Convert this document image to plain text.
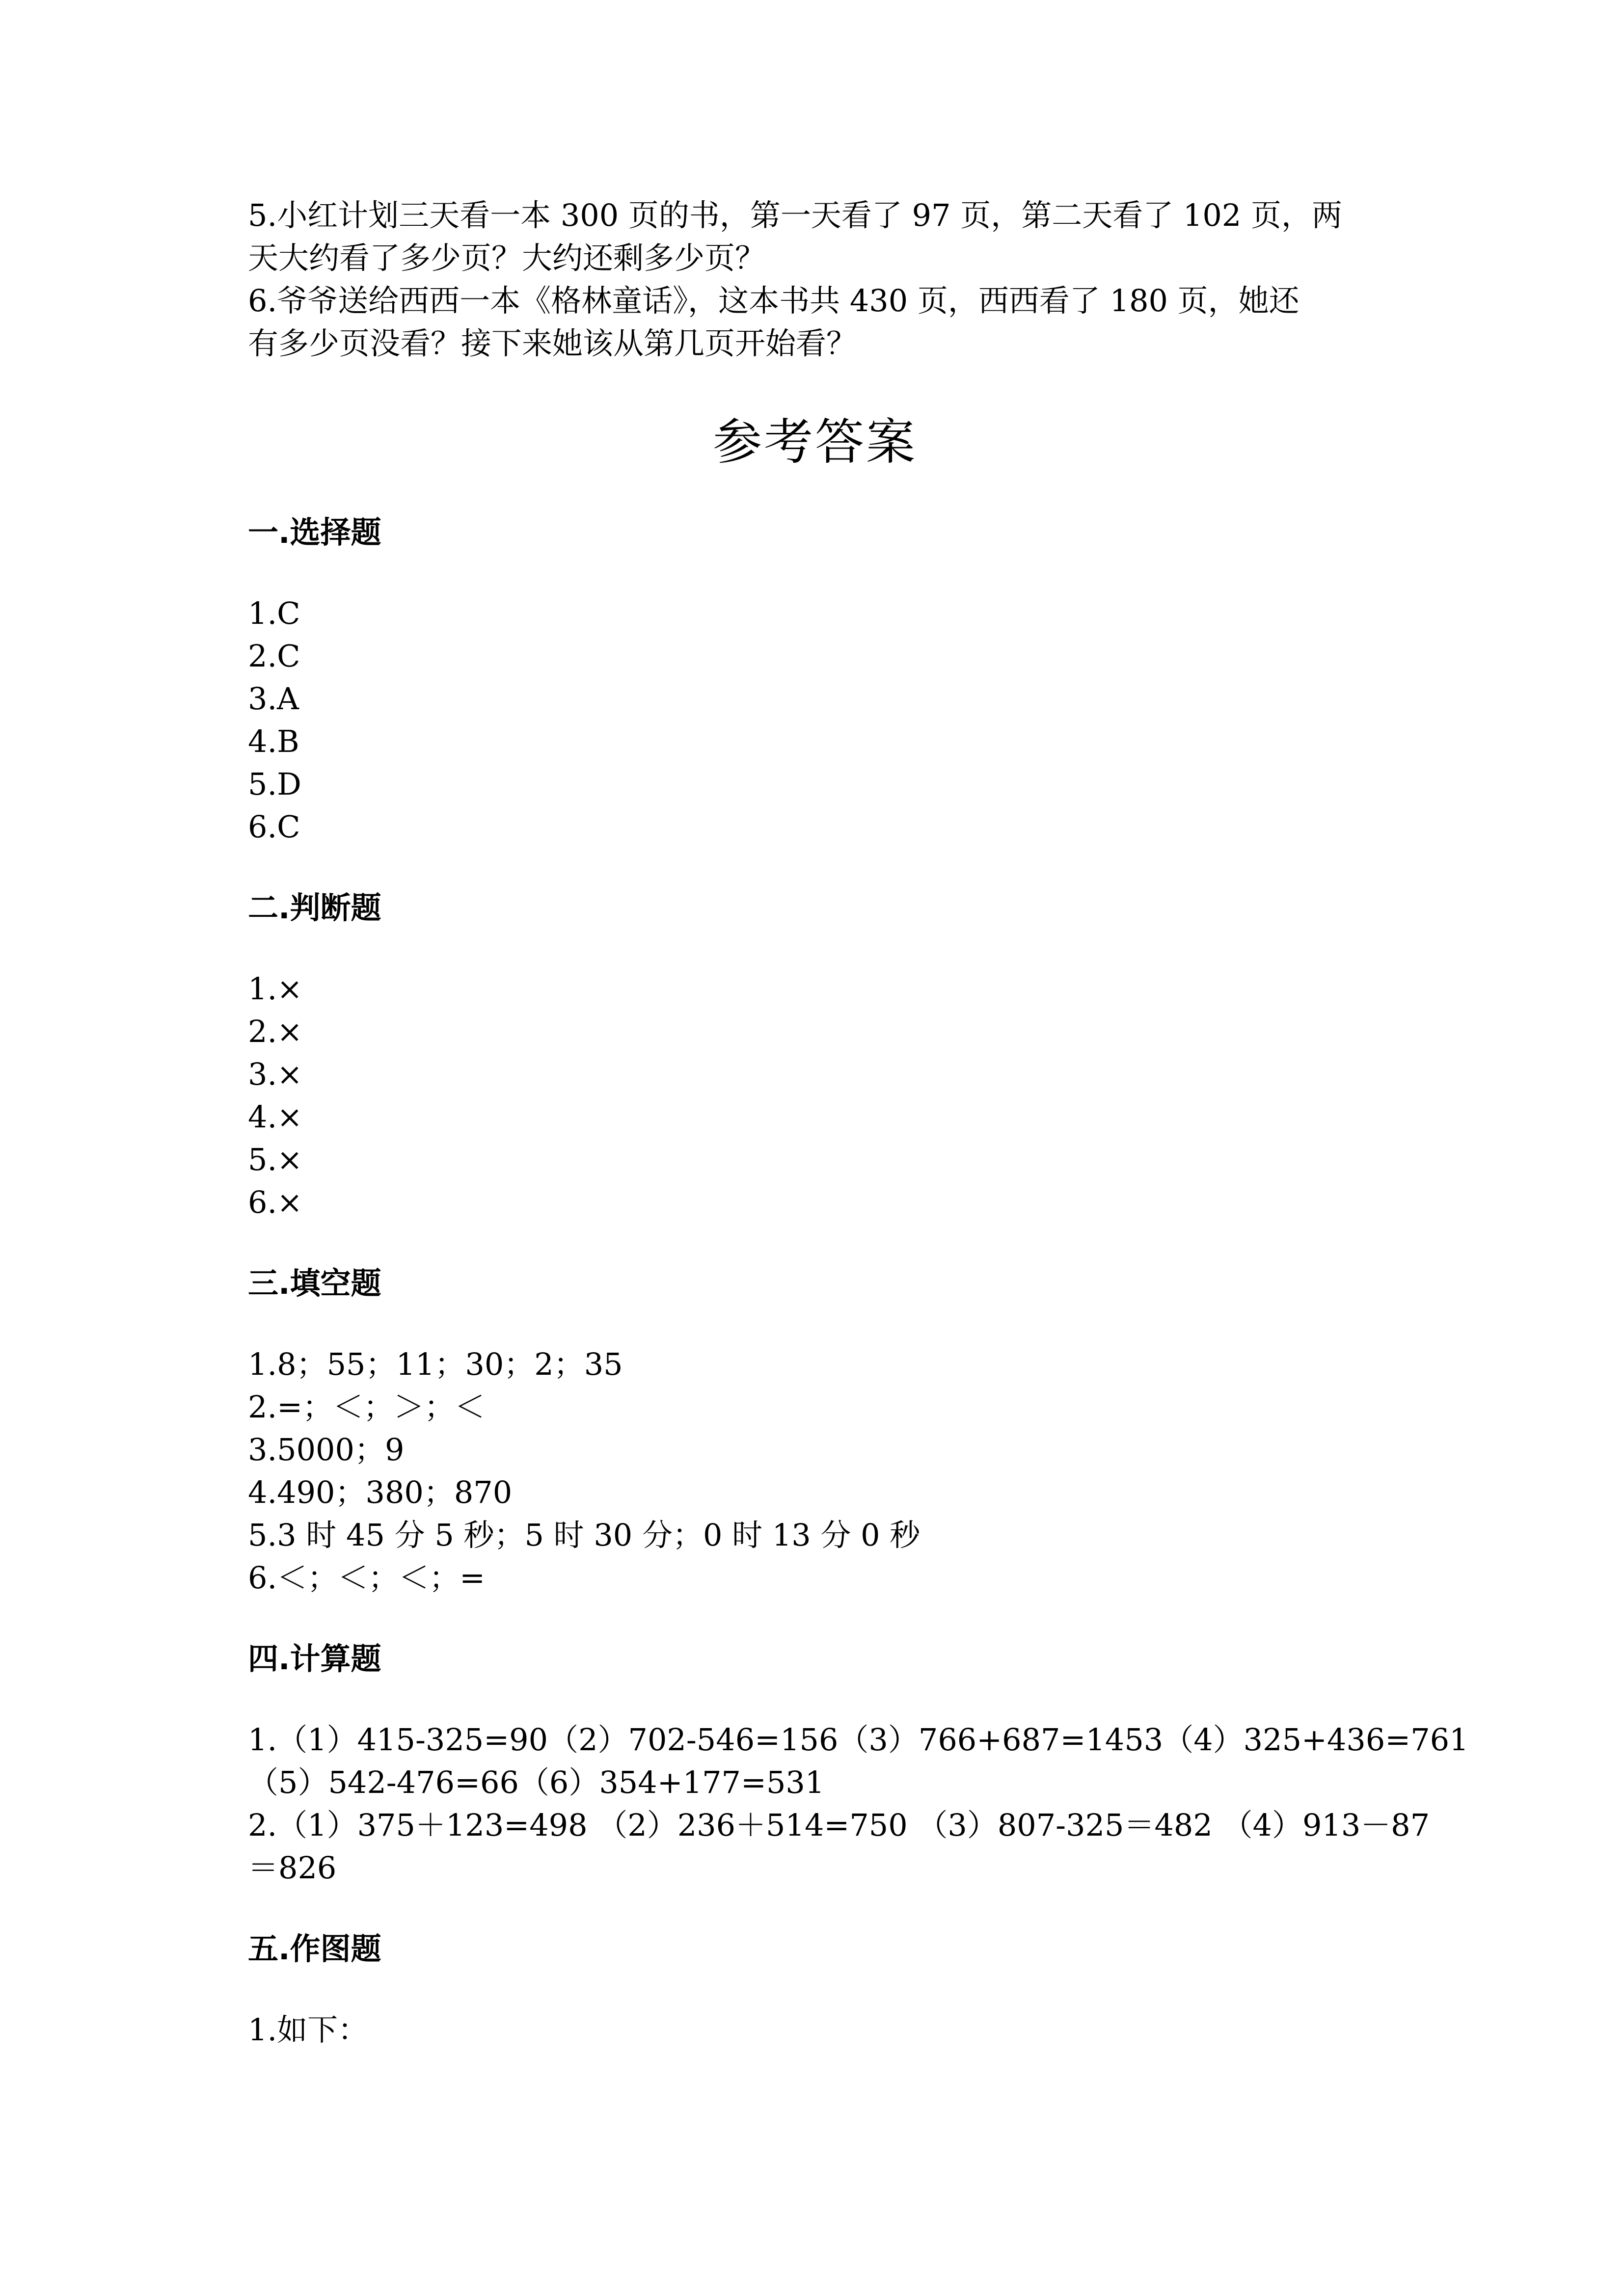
5.小红计划三天看一本 300 页的书，第一天看了 97 页，第二天看了 102 页，两

天大约看了多少页？大约还剩多少页？

6.爷爷送给西西一本《格林童话》，这本书共 430 页，西西看了 180 页，她还

有多少页没看？接下来她该从第几页开始看？

参考答案
一.选择题

1.C

2.C

3.A

4.B

5.D

6.C

二.判断题

1.×

2.×

3.×

4.×

5.×

6.×

三.填空题

1.8；55；11；30；2；35

2.=；＜；＞；＜

3.5000；9

4.490；380；870

5.3 时 45 分 5 秒；5 时 30 分；0 时 13 分 0 秒

6.＜；＜；＜；=

四.计算题

1.（1）415-325=90（2）702-546=156（3）766+687=1453（4）325+436=761

（5）542-476=66（6）354+177=531

2.（1）375＋123=498 （2）236＋514=750 （3）807-325＝482 （4）913－87

＝826

五.作图题

1.如下：
